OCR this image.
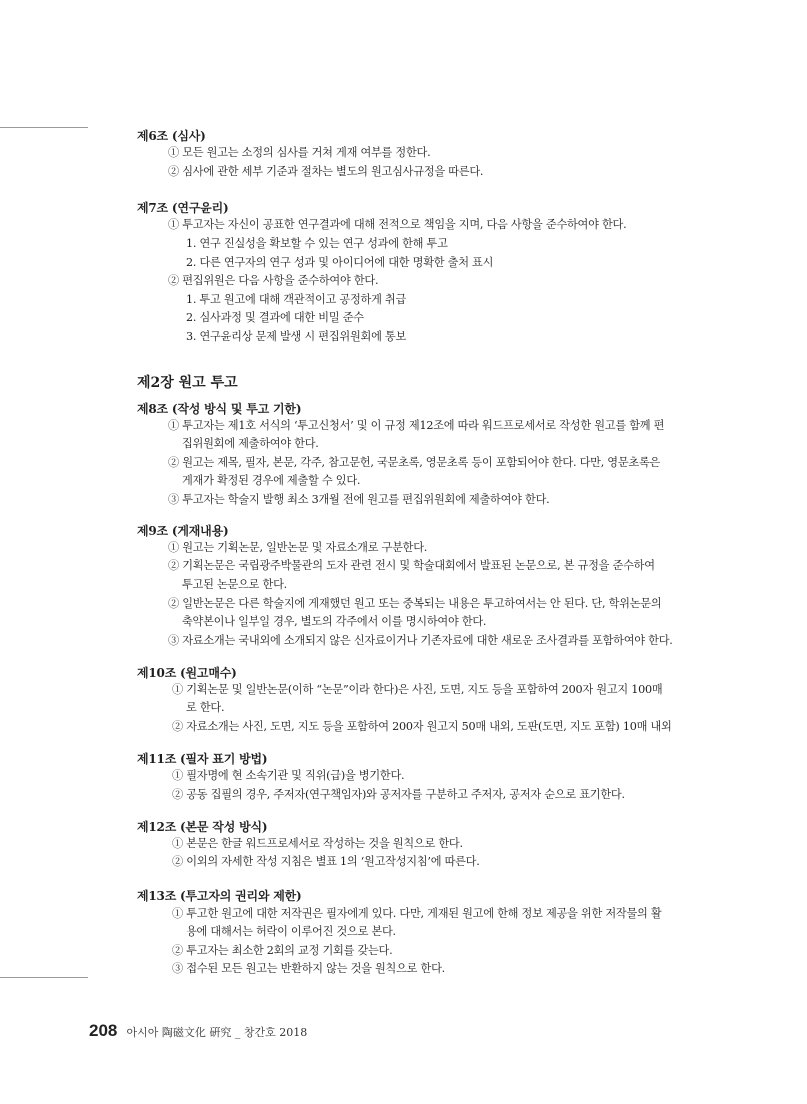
제6조 (심사)
① 모든 원고는 소정의 심사를 거쳐 게재 여부를 정한다.
② 심사에 관한 세부 기준과 절차는 별도의 원고심사규정을 따른다.
제7조 (연구윤리)
① 투고자는 자신이 공표한 연구결과에 대해 전적으로 책임을 지며, 다음 사항을 준수하여야 한다.
1. 연구 진실성을 확보할 수 있는 연구 성과에 한해 투고
2. 다른 연구자의 연구 성과 및 아이디어에 대한 명확한 출처 표시
② 편집위원은 다음 사항을 준수하여야 한다.
1. 투고 원고에 대해 객관적이고 공정하게 취급
2. 심사과정 및 결과에 대한 비밀 준수
3. 연구윤리상 문제 발생 시 편집위원회에 통보
제2장 원고 투고
제8조 (작성 방식 및 투고 기한)
① 투고자는 제1호 서식의 ‘투고신청서’ 및 이 규정 제12조에 따라 워드프로세서로 작성한 원고를 함께 편
집위원회에 제출하여야 한다.
② 원고는 제목, 필자, 본문, 각주, 참고문헌, 국문초록, 영문초록 등이 포함되어야 한다. 다만, 영문초록은
게재가 확정된 경우에 제출할 수 있다.
③ 투고자는 학술지 발행 최소 3개월 전에 원고를 편집위원회에 제출하여야 한다.
제9조 (게재내용)
① 원고는 기획논문, 일반논문 및 자료소개로 구분한다.
② 기획논문은 국립광주박물관의 도자 관련 전시 및 학술대회에서 발표된 논문으로, 본 규정을 준수하여
투고된 논문으로 한다.
② 일반논문은 다른 학술지에 게재했던 원고 또는 중복되는 내용은 투고하여서는 안 된다. 단, 학위논문의
축약본이나 일부일 경우, 별도의 각주에서 이를 명시하여야 한다.
③ 자료소개는 국내외에 소개되지 않은 신자료이거나 기존자료에 대한 새로운 조사결과를 포함하여야 한다.
제10조 (원고매수)
① 기획논문 및 일반논문(이하 “논문”이라 한다)은 사진, 도면, 지도 등을 포함하여 200자 원고지 100매
로 한다.
② 자료소개는 사진, 도면, 지도 등을 포함하여 200자 원고지 50매 내외, 도판(도면, 지도 포함) 10매 내외
제11조 (필자 표기 방법)
① 필자명에 현 소속기관 및 직위(급)을 병기한다.
② 공동 집필의 경우, 주저자(연구책임자)와 공저자를 구분하고 주저자, 공저자 순으로 표기한다.
제12조 (본문 작성 방식)
① 본문은 한글 워드프로세서로 작성하는 것을 원칙으로 한다.
② 이외의 자세한 작성 지침은 별표 1의 ‘원고작성지침’에 따른다.
제13조 (투고자의 권리와 제한)
① 투고한 원고에 대한 저작권은 필자에게 있다. 다만, 게재된 원고에 한해 정보 제공을 위한 저작물의 활
용에 대해서는 허락이 이루어진 것으로 본다.
② 투고자는 최소한 2회의 교정 기회를 갖는다.
③ 접수된 모든 원고는 반환하지 않는 것을 원칙으로 한다.
208 아시아 陶磁文化 硏究 _ 창간호 2018
